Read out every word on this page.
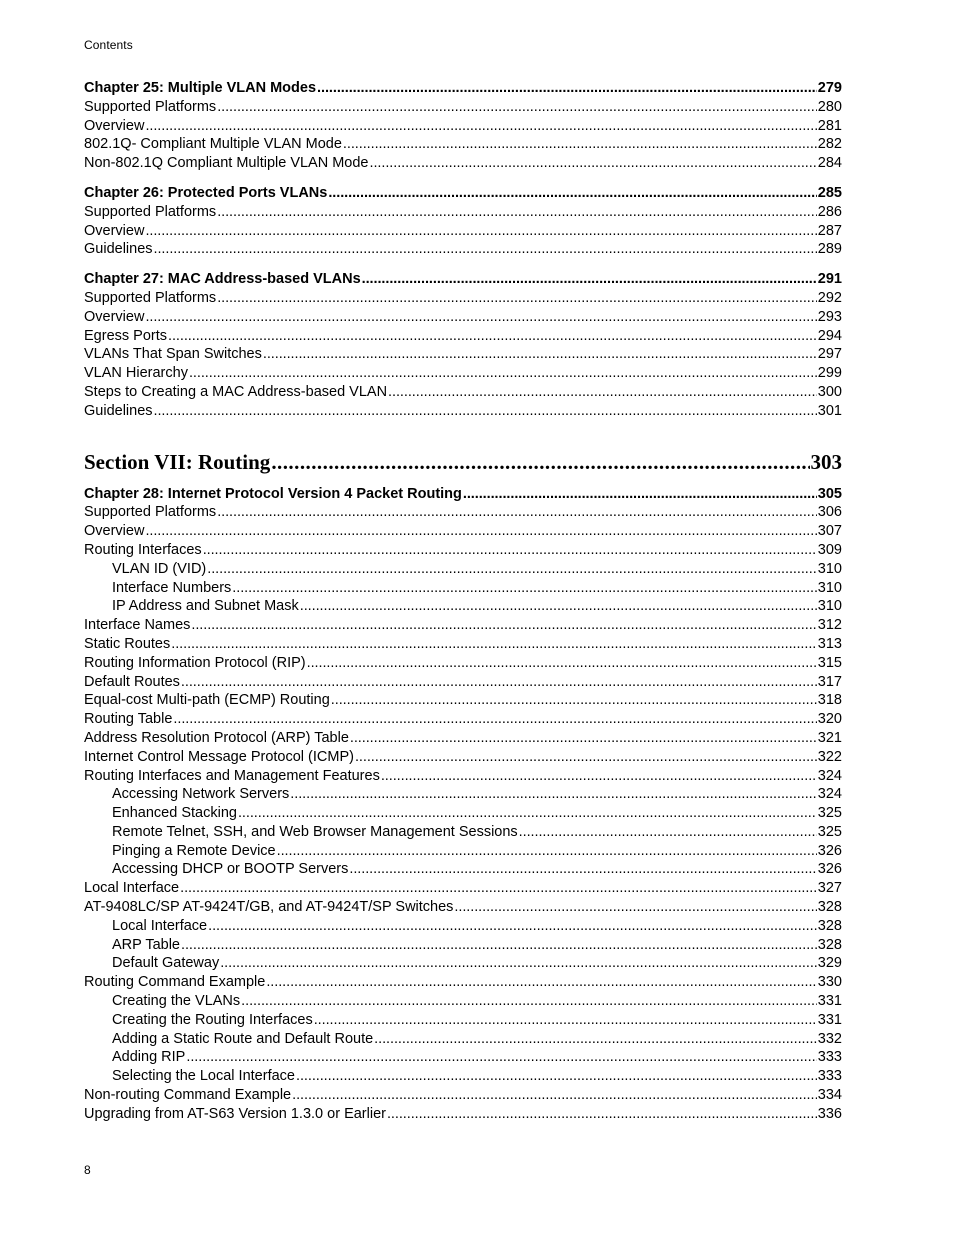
Contents
Chapter 25: Multiple VLAN Modes . . .	279
Supported Platforms . . .	280
Overview . . .	281
802.1Q- Compliant Multiple VLAN Mode . . .	282
Non-802.1Q Compliant Multiple VLAN Mode . . .	284
Chapter 26: Protected Ports VLANs . . .	285
Supported Platforms . . .	286
Overview . . .	287
Guidelines . . .	289
Chapter 27: MAC Address-based VLANs . . .	291
Supported Platforms . . .	292
Overview . . .	293
Egress Ports . . .	294
VLANs That Span Switches . . .	297
VLAN Hierarchy . . .	299
Steps to Creating a MAC Address-based VLAN . . .	300
Guidelines . . .	301
Section VII: Routing . . .	303
Chapter 28: Internet Protocol Version 4 Packet Routing . . .	305
Supported Platforms . . .	306
Overview . . .	307
Routing Interfaces . . .	309
VLAN ID (VID) . . .	310
Interface Numbers . . .	310
IP Address and Subnet Mask . . .	310
Interface Names . . .	312
Static Routes . . .	313
Routing Information Protocol (RIP) . . .	315
Default Routes . . .	317
Equal-cost Multi-path (ECMP) Routing . . .	318
Routing Table . . .	320
Address Resolution Protocol (ARP) Table . . .	321
Internet Control Message Protocol (ICMP) . . .	322
Routing Interfaces and Management Features . . .	324
Accessing Network Servers . . .	324
Enhanced Stacking . . .	325
Remote Telnet, SSH, and Web Browser Management Sessions . . .	325
Pinging a Remote Device . . .	326
Accessing DHCP or BOOTP Servers . . .	326
Local Interface . . .	327
AT-9408LC/SP AT-9424T/GB, and AT-9424T/SP Switches . . .	328
Local Interface . . .	328
ARP Table . . .	328
Default Gateway . . .	329
Routing Command Example . . .	330
Creating the VLANs . . .	331
Creating the Routing Interfaces . . .	331
Adding a Static Route and Default Route . . .	332
Adding RIP . . .	333
Selecting the Local Interface . . .	333
Non-routing Command Example . . .	334
Upgrading from AT-S63 Version 1.3.0 or Earlier . . .	336
8
